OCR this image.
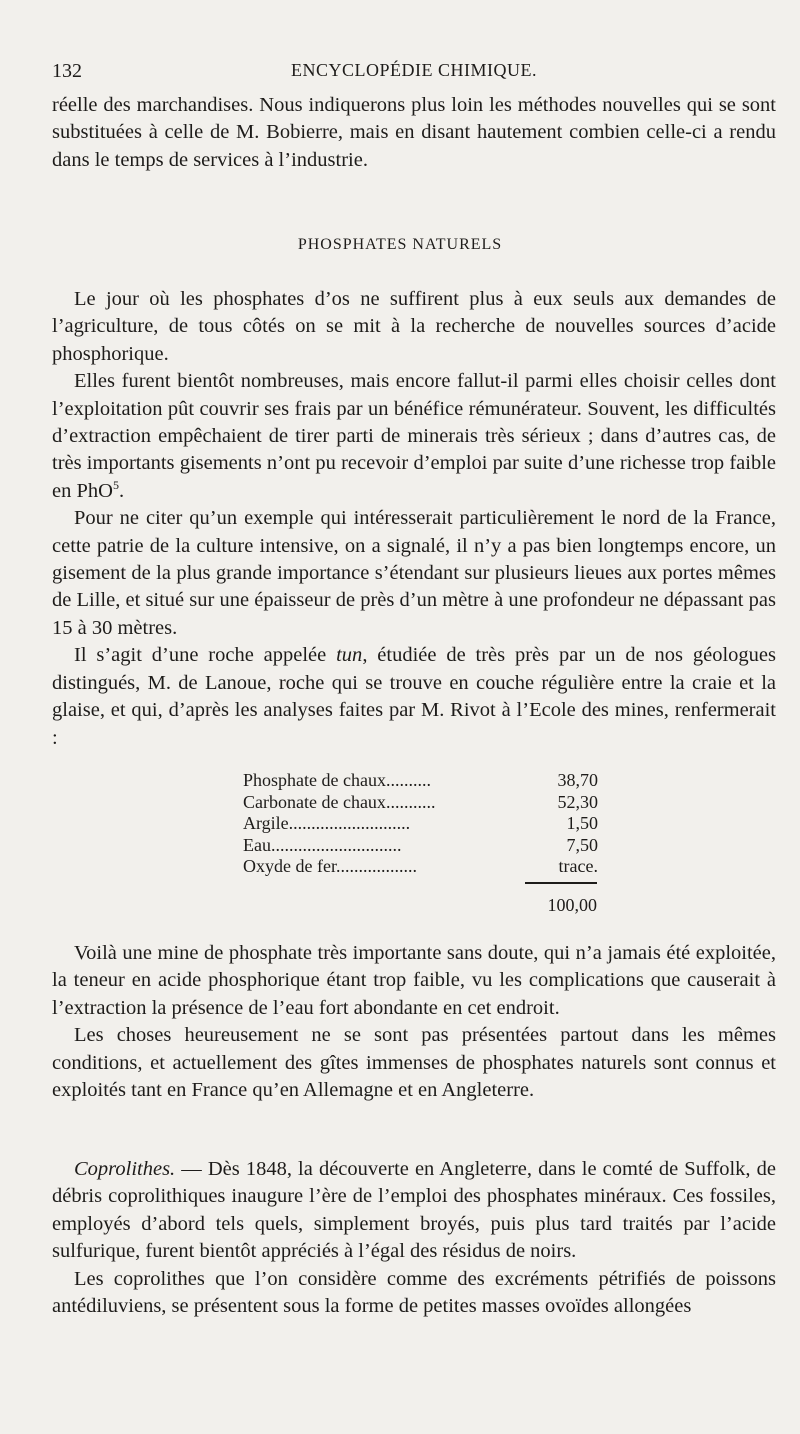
132	ENCYCLOPÉDIE CHIMIQUE.

réelle des marchandises. Nous indiquerons plus loin les méthodes nouvelles qui se sont substituées à celle de M. Bobierre, mais en disant hautement combien celle-ci a rendu dans le temps de services à l’industrie.

PHOSPHATES NATURELS

Le jour où les phosphates d’os ne suffirent plus à eux seuls aux demandes de l’agriculture, de tous côtés on se mit à la recherche de nouvelles sources d’acide phosphorique.

Elles furent bientôt nombreuses, mais encore fallut-il parmi elles choisir celles dont l’exploitation pût couvrir ses frais par un bénéfice rémunérateur. Souvent, les difficultés d’extraction empêchaient de tirer parti de minerais très sérieux ; dans d’autres cas, de très importants gisements n’ont pu recevoir d’emploi par suite d’une richesse trop faible en PhO$^5$.

Pour ne citer qu’un exemple qui intéresserait particulièrement le nord de la France, cette patrie de la culture intensive, on a signalé, il n’y a pas bien longtemps encore, un gisement de la plus grande importance s’étendant sur plusieurs lieues aux portes mêmes de Lille, et situé sur une épaisseur de près d’un mètre à une profondeur ne dépassant pas 15 à 30 mètres.

Il s’agit d’une roche appelée tun, étudiée de très près par un de nos géologues distingués, M. de Lanoue, roche qui se trouve en couche régulière entre la craie et la glaise, et qui, d’après les analyses faites par M. Rivot à l’Ecole des mines, renfermerait :

Phosphate de chaux..........	38,70
Carbonate de chaux...........	52,30
Argile...........................	1,50
Eau.............................	7,50
Oxyde de fer..................	trace.
100,00

Voilà une mine de phosphate très importante sans doute, qui n’a jamais été exploitée, la teneur en acide phosphorique étant trop faible, vu les complications que causerait à l’extraction la présence de l’eau fort abondante en cet endroit.

Les choses heureusement ne se sont pas présentées partout dans les mêmes conditions, et actuellement des gîtes immenses de phosphates naturels sont connus et exploités tant en France qu’en Allemagne et en Angleterre.

Coprolithes. — Dès 1848, la découverte en Angleterre, dans le comté de Suffolk, de débris coprolithiques inaugure l’ère de l’emploi des phosphates minéraux. Ces fossiles, employés d’abord tels quels, simplement broyés, puis plus tard traités par l’acide sulfurique, furent bientôt appréciés à l’égal des résidus de noirs.

Les coprolithes que l’on considère comme des excréments pétrifiés de poissons antédiluviens, se présentent sous la forme de petites masses ovoïdes allongées
